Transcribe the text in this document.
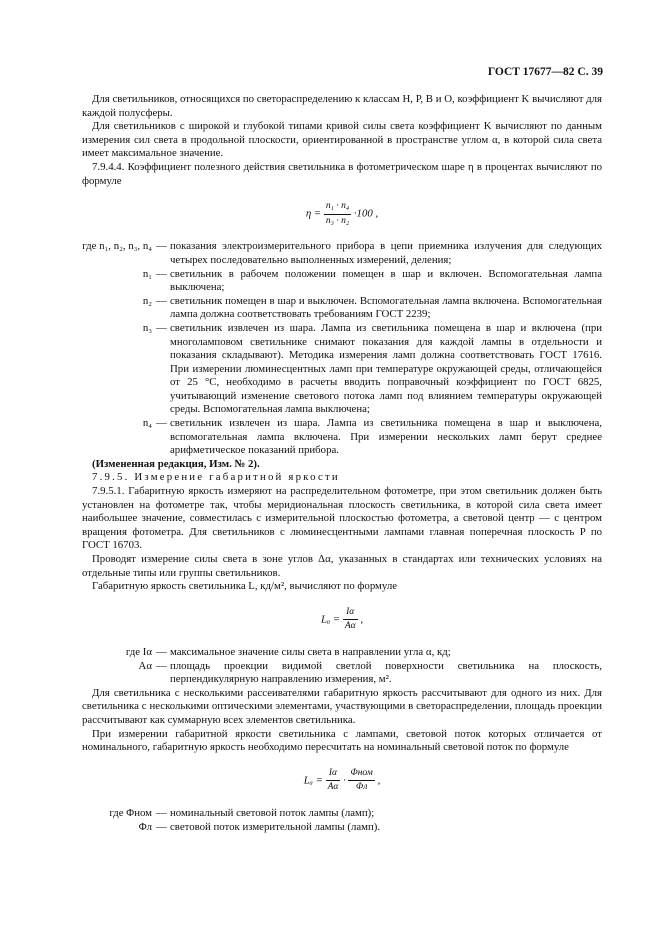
ГОСТ 17677—82 С. 39

Для светильников, относящихся по светораспределению к классам Н, Р, В и О, коэффициент K вычисляют для каждой полусферы.

Для светильников с широкой и глубокой типами кривой силы света коэффициент K вычисляют по данным измерения сил света в продольной плоскости, ориентированной в пространстве углом α, в которой сила света имеет максимальное значение.

7.9.4.4. Коэффициент полезного действия светильника в фотометрическом шаре η в процентах вычисляют по формуле

$\eta = \frac{\text{n₁ · n₄}}{\text{n₃ · n₂}} \cdot 100$ ,
где n₁, n₂, n₃, n₄ — показания электроизмерительного прибора в цепи приемника излучения для следующих четырех последовательно выполненных измерений, деления;
n₁ — светильник в рабочем положении помещен в шар и включен. Вспомогательная лампа выключена;
n₂ — светильник помещен в шар и выключен. Вспомогательная лампа включена. Вспомогательная лампа должна соответствовать требованиям ГОСТ 2239;
n₃ — светильник извлечен из шара. Лампа из светильника помещена в шар и включена (при многоламповом светильнике снимают показания для каждой лампы в отдельности и показания складывают). Методика измерения ламп должна соответствовать ГОСТ 17616. При измерении люминесцентных ламп при температуре окружающей среды, отличающейся от 25 °С, необходимо в расчеты вводить поправочный коэффициент по ГОСТ 6825, учитывающий изменение светового потока ламп под влиянием температуры окружающей среды. Вспомогательная лампа выключена;
n₄ — светильник извлечен из шара. Лампа из светильника помещена в шар и выключена, вспомогательная лампа включена. При измерении нескольких ламп берут среднее арифметическое показаний прибора.

(Измененная редакция, Изм. № 2).

7.9.5. Измерение габаритной яркости

7.9.5.1. Габаритную яркость измеряют на распределительном фотометре, при этом светильник должен быть установлен на фотометре так, чтобы меридиональная плоскость светильника, в которой сила света имеет наибольшее значение, совместилась с измерительной плоскостью фотометра, а световой центр — с центром вращения фотометра. Для светильников с люминесцентными лампами главная поперечная плоскость P по ГОСТ 16703.

Проводят измерение силы света в зоне углов Δα, указанных в стандартах или технических условиях на отдельные типы или группы светильников.

Габаритную яркость светильника L, кд/м², вычисляют по формуле

$L_a = \frac{I\alpha}{A\alpha}$ ,
где Iα — максимальное значение силы света в направлении угла α, кд;
Aα — площадь проекции видимой светлой поверхности светильника на плоскость, перпендикулярную направлению измерения, м².

Для светильника с несколькими рассеивателями габаритную яркость рассчитывают для одного из них. Для светильника с несколькими оптическими элементами, участвующими в светораспределении, площадь проекции рассчитывают как суммарную всех элементов светильника.

При измерении габаритной яркости светильника с лампами, световой поток которых отличается от номинального, габаритную яркость необходимо пересчитать на номинальный световой поток по формуле

$L_a = \frac{I\alpha}{A\alpha} \cdot \frac{\text{Φном}}{\Phi л}$ ,
где Φном — номинальный световой поток лампы (ламп);
Φл — световой поток измерительной лампы (ламп).
